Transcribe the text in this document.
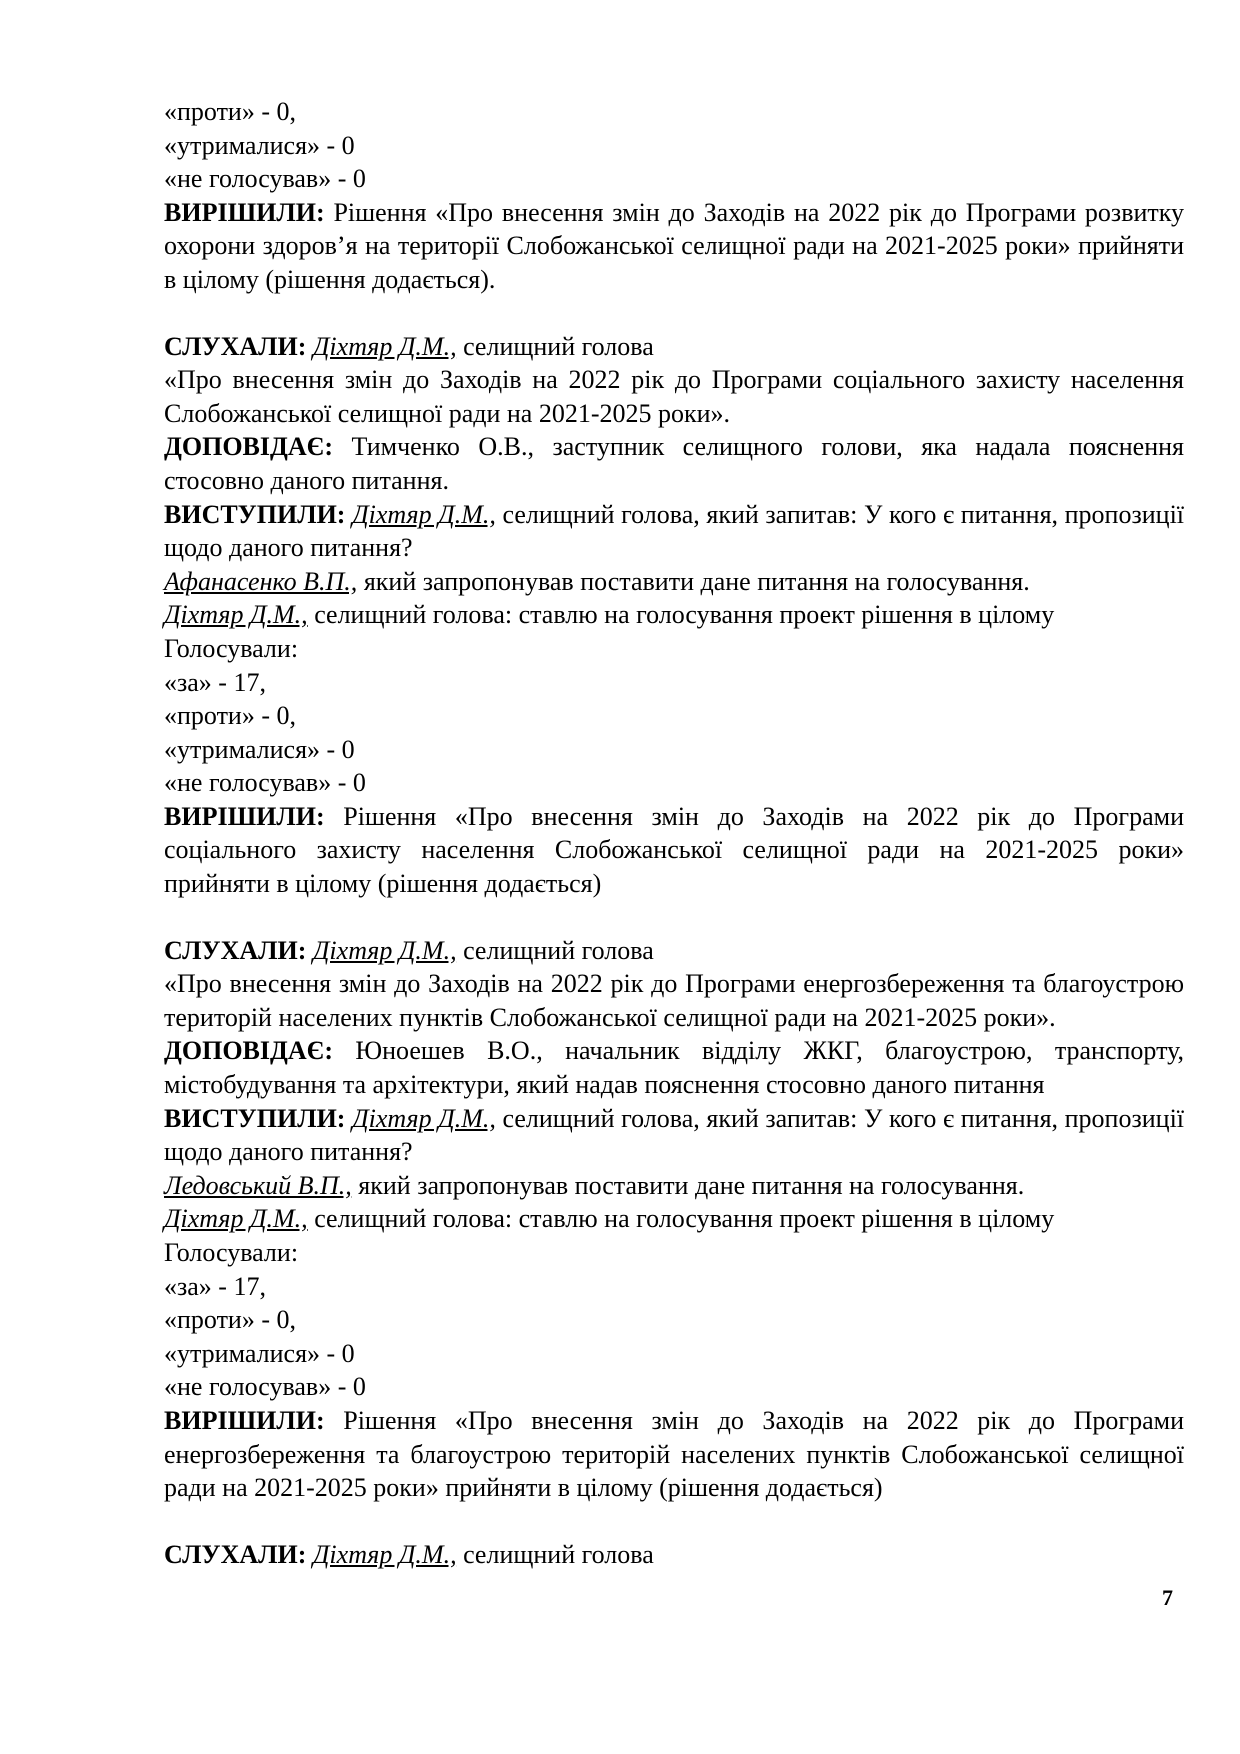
«проти» - 0,
«утрималися» - 0
«не голосував» - 0
ВИРІШИЛИ: Рішення «Про внесення змін до Заходів на 2022 рік до Програми розвитку охорони здоров’я на території Слобожанської селищної ради на 2021-2025 роки» прийняти в цілому (рішення додається).
СЛУХАЛИ: Діхтяр Д.М., селищний голова
«Про внесення змін до Заходів на 2022 рік до Програми соціального захисту населення Слобожанської селищної ради на 2021-2025 роки».
ДОПОВІДАЄ: Тимченко О.В., заступник селищного голови, яка надала пояснення стосовно даного питання.
ВИСТУПИЛИ: Діхтяр Д.М., селищний голова, який запитав: У кого є питання, пропозиції щодо даного питання?
Афанасенко В.П., який запропонував поставити дане питання на голосування.
Діхтяр Д.М., селищний голова: ставлю на голосування проект рішення в цілому
Голосували:
«за» - 17,
«проти» - 0,
«утрималися» - 0
«не голосував» - 0
ВИРІШИЛИ: Рішення «Про внесення змін до Заходів на 2022 рік до Програми соціального захисту населення Слобожанської селищної ради на 2021-2025 роки» прийняти в цілому (рішення додається)
СЛУХАЛИ: Діхтяр Д.М., селищний голова
«Про внесення змін до Заходів на 2022 рік до Програми енергозбереження та благоустрою територій населених пунктів Слобожанської селищної ради на 2021-2025 роки».
ДОПОВІДАЄ: Юноешев В.О., начальник відділу ЖКГ, благоустрою, транспорту, містобудування та архітектури, який надав пояснення стосовно даного питання
ВИСТУПИЛИ: Діхтяр Д.М., селищний голова, який запитав: У кого є питання, пропозиції щодо даного питання?
Ледовський В.П., який запропонував поставити дане питання на голосування.
Діхтяр Д.М., селищний голова: ставлю на голосування проект рішення в цілому
Голосували:
«за» - 17,
«проти» - 0,
«утрималися» - 0
«не голосував» - 0
ВИРІШИЛИ: Рішення «Про внесення змін до Заходів на 2022 рік до Програми енергозбереження та благоустрою територій населених пунктів Слобожанської селищної ради на 2021-2025 роки» прийняти в цілому (рішення додається)
СЛУХАЛИ: Діхтяр Д.М., селищний голова
7
